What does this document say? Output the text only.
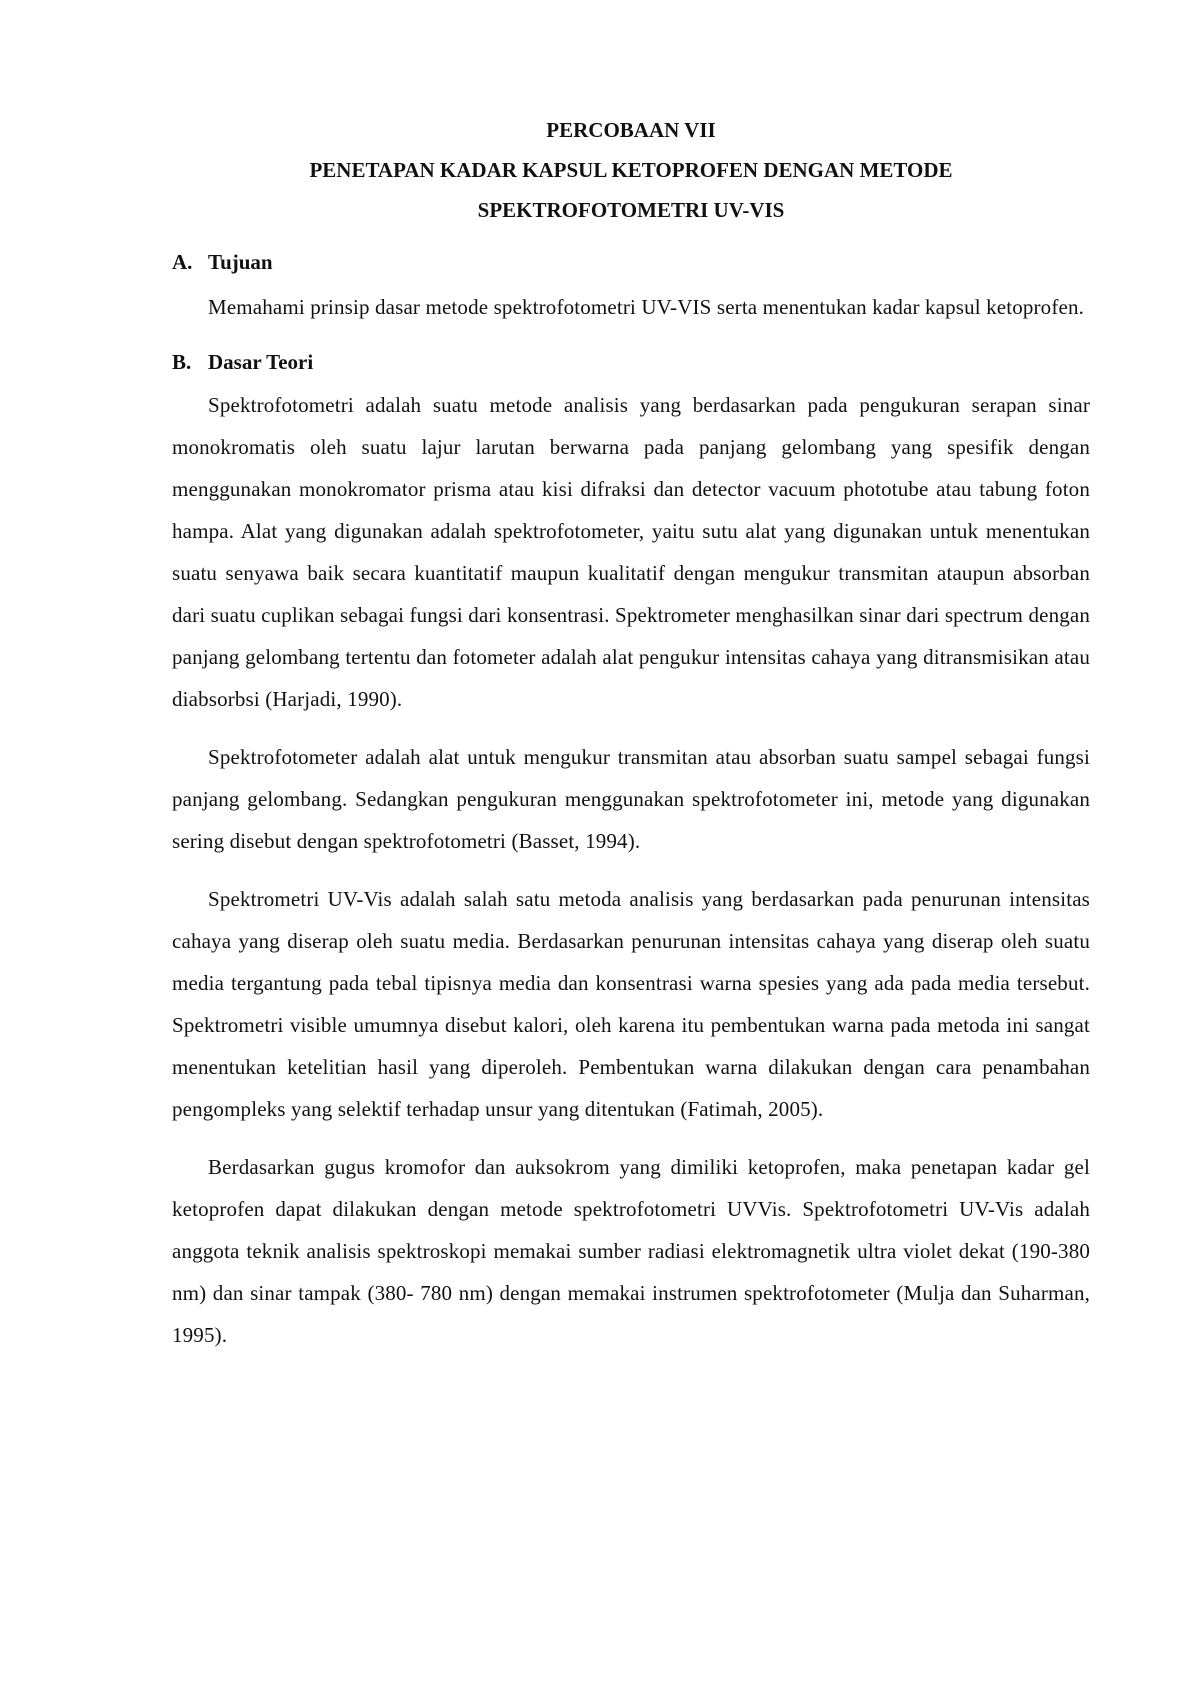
PERCOBAAN VII

PENETAPAN KADAR KAPSUL KETOPROFEN DENGAN METODE

SPEKTROFOTOMETRI UV-VIS

A. Tujuan

Memahami prinsip dasar metode spektrofotometri UV-VIS serta menentukan kadar kapsul ketoprofen.

B. Dasar Teori

Spektrofotometri adalah suatu metode analisis yang berdasarkan pada pengukuran serapan sinar monokromatis oleh suatu lajur larutan berwarna pada panjang gelombang yang spesifik dengan menggunakan monokromator prisma atau kisi difraksi dan detector vacuum phototube atau tabung foton hampa. Alat yang digunakan adalah spektrofotometer, yaitu sutu alat yang digunakan untuk menentukan suatu senyawa baik secara kuantitatif maupun kualitatif dengan mengukur transmitan ataupun absorban dari suatu cuplikan sebagai fungsi dari konsentrasi. Spektrometer menghasilkan sinar dari spectrum dengan panjang gelombang tertentu dan fotometer adalah alat pengukur intensitas cahaya yang ditransmisikan atau diabsorbsi (Harjadi, 1990).

Spektrofotometer adalah alat untuk mengukur transmitan atau absorban suatu sampel sebagai fungsi panjang gelombang. Sedangkan pengukuran menggunakan spektrofotometer ini, metode yang digunakan sering disebut dengan spektrofotometri (Basset, 1994).

Spektrometri UV-Vis adalah salah satu metoda analisis yang berdasarkan pada penurunan intensitas cahaya yang diserap oleh suatu media. Berdasarkan penurunan intensitas cahaya yang diserap oleh suatu media tergantung pada tebal tipisnya media dan konsentrasi warna spesies yang ada pada media tersebut. Spektrometri visible umumnya disebut kalori, oleh karena itu pembentukan warna pada metoda ini sangat menentukan ketelitian hasil yang diperoleh. Pembentukan warna dilakukan dengan cara penambahan pengompleks yang selektif terhadap unsur yang ditentukan (Fatimah, 2005).

Berdasarkan gugus kromofor dan auksokrom yang dimiliki ketoprofen, maka penetapan kadar gel ketoprofen dapat dilakukan dengan metode spektrofotometri UVVis. Spektrofotometri UV-Vis adalah anggota teknik analisis spektroskopi memakai sumber radiasi elektromagnetik ultra violet dekat (190-380 nm) dan sinar tampak (380- 780 nm) dengan memakai instrumen spektrofotometer (Mulja dan Suharman, 1995).
